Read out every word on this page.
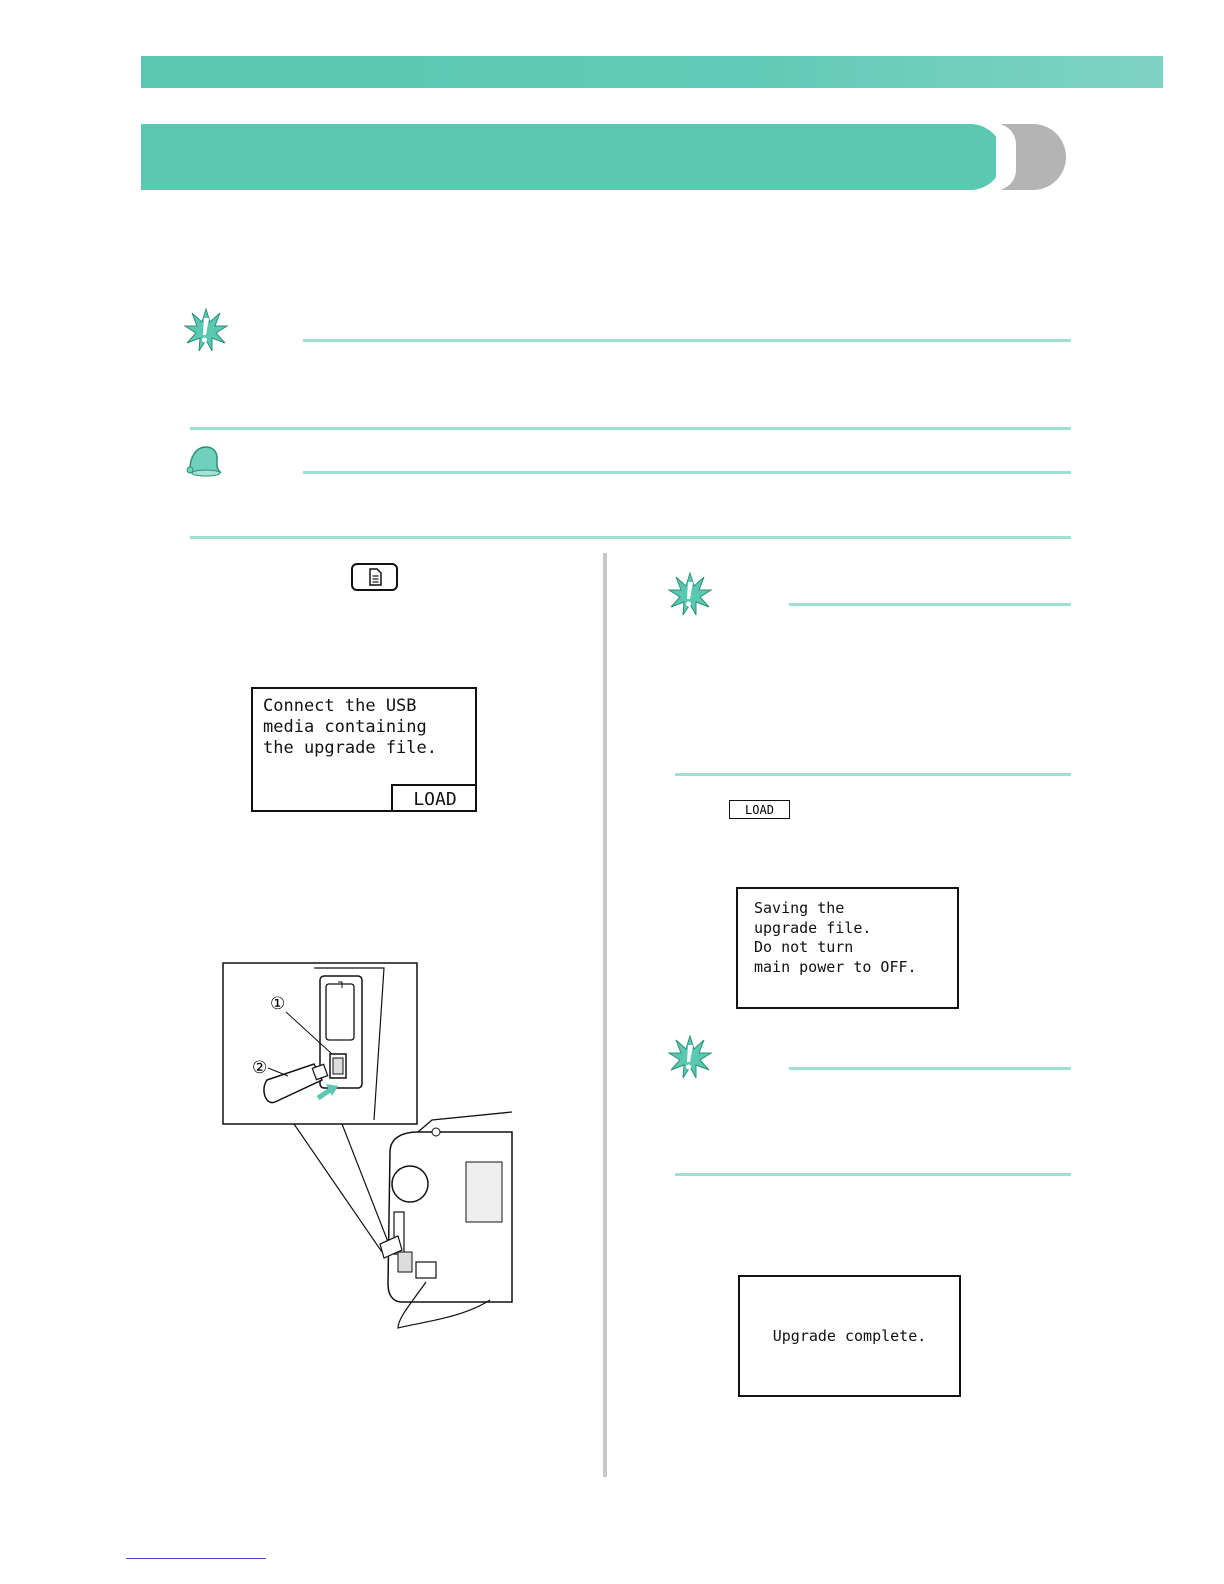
Connect the USB
media containing
the upgrade file.
LOAD
①
②
LOAD
Saving the
upgrade file.
Do not turn
main power to OFF.
Upgrade complete.
